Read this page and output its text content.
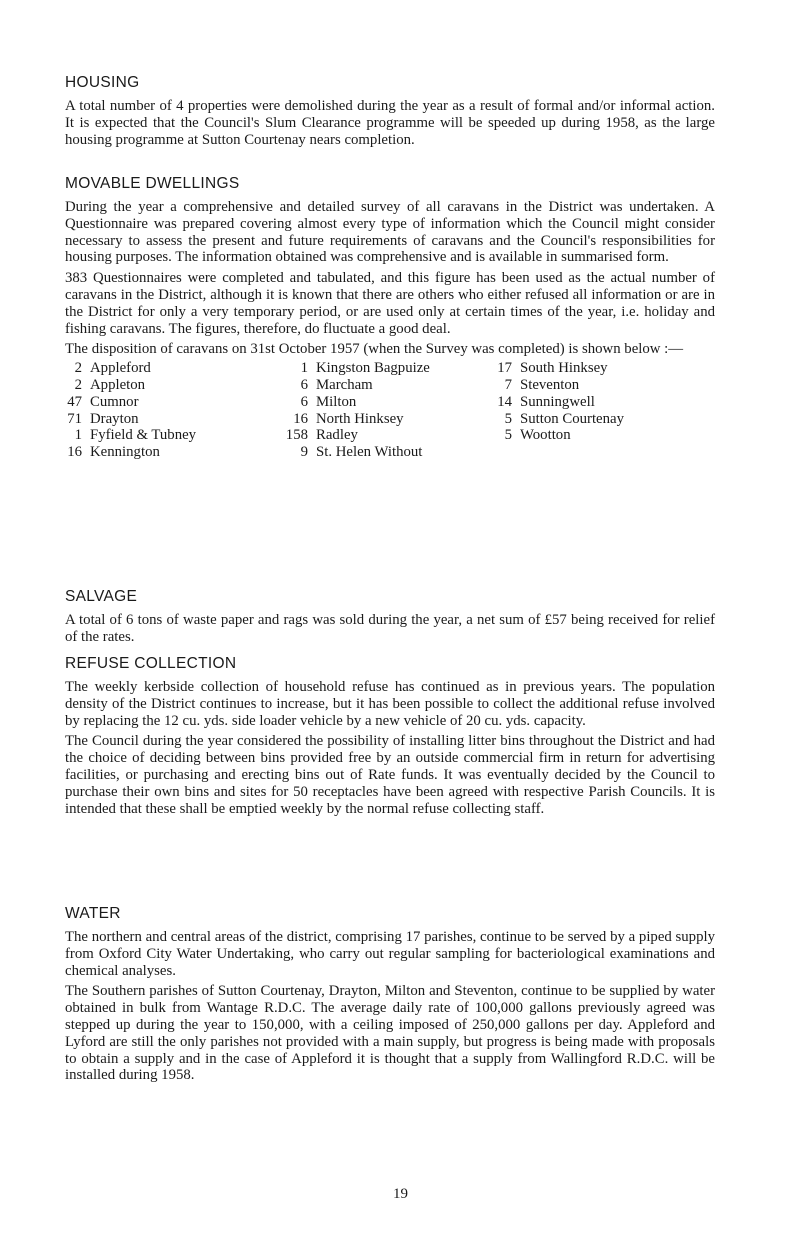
HOUSING

A total number of 4 properties were demolished during the year as a result of formal and/or informal action. It is expected that the Council's Slum Clearance programme will be speeded up during 1958, as the large housing programme at Sutton Courtenay nears completion.

MOVABLE DWELLINGS

During the year a comprehensive and detailed survey of all caravans in the District was undertaken. A Questionnaire was prepared covering almost every type of information which the Council might consider necessary to assess the present and future requirements of caravans and the Council's responsibilities for housing purposes. The information obtained was comprehensive and is available in summarised form.

383 Questionnaires were completed and tabulated, and this figure has been used as the actual number of caravans in the District, although it is known that there are others who either refused all information or are in the District for only a very temporary period, or are used only at certain times of the year, i.e. holiday and fishing caravans. The figures, therefore, do fluctuate a good deal.

The disposition of caravans on 31st October 1957 (when the Survey was completed) is shown below :—

2 Appleford
2 Appleton
47 Cumnor
71 Drayton
1 Fyfield & Tubney
16 Kennington
1 Kingston Bagpuize
6 Marcham
6 Milton
16 North Hinksey
158 Radley
9 St. Helen Without
17 South Hinksey
7 Steventon
14 Sunningwell
5 Sutton Courtenay
5 Wootton
SALVAGE

A total of 6 tons of waste paper and rags was sold during the year, a net sum of £57 being received for relief of the rates.

REFUSE COLLECTION

The weekly kerbside collection of household refuse has continued as in previous years. The population density of the District continues to increase, but it has been possible to collect the additional refuse involved by replacing the 12 cu. yds. side loader vehicle by a new vehicle of 20 cu. yds. capacity.

The Council during the year considered the possibility of installing litter bins throughout the District and had the choice of deciding between bins provided free by an outside commercial firm in return for advertising facilities, or purchasing and erecting bins out of Rate funds. It was eventually decided by the Council to purchase their own bins and sites for 50 receptacles have been agreed with respective Parish Councils. It is intended that these shall be emptied weekly by the normal refuse collecting staff.

WATER

The northern and central areas of the district, comprising 17 parishes, continue to be served by a piped supply from Oxford City Water Undertaking, who carry out regular sampling for bacteriological examinations and chemical analyses.

The Southern parishes of Sutton Courtenay, Drayton, Milton and Steventon, continue to be supplied by water obtained in bulk from Wantage R.D.C. The average daily rate of 100,000 gallons previously agreed was stepped up during the year to 150,000, with a ceiling imposed of 250,000 gallons per day. Appleford and Lyford are still the only parishes not provided with a main supply, but progress is being made with proposals to obtain a supply and in the case of Appleford it is thought that a supply from Wallingford R.D.C. will be installed during 1958.

19
